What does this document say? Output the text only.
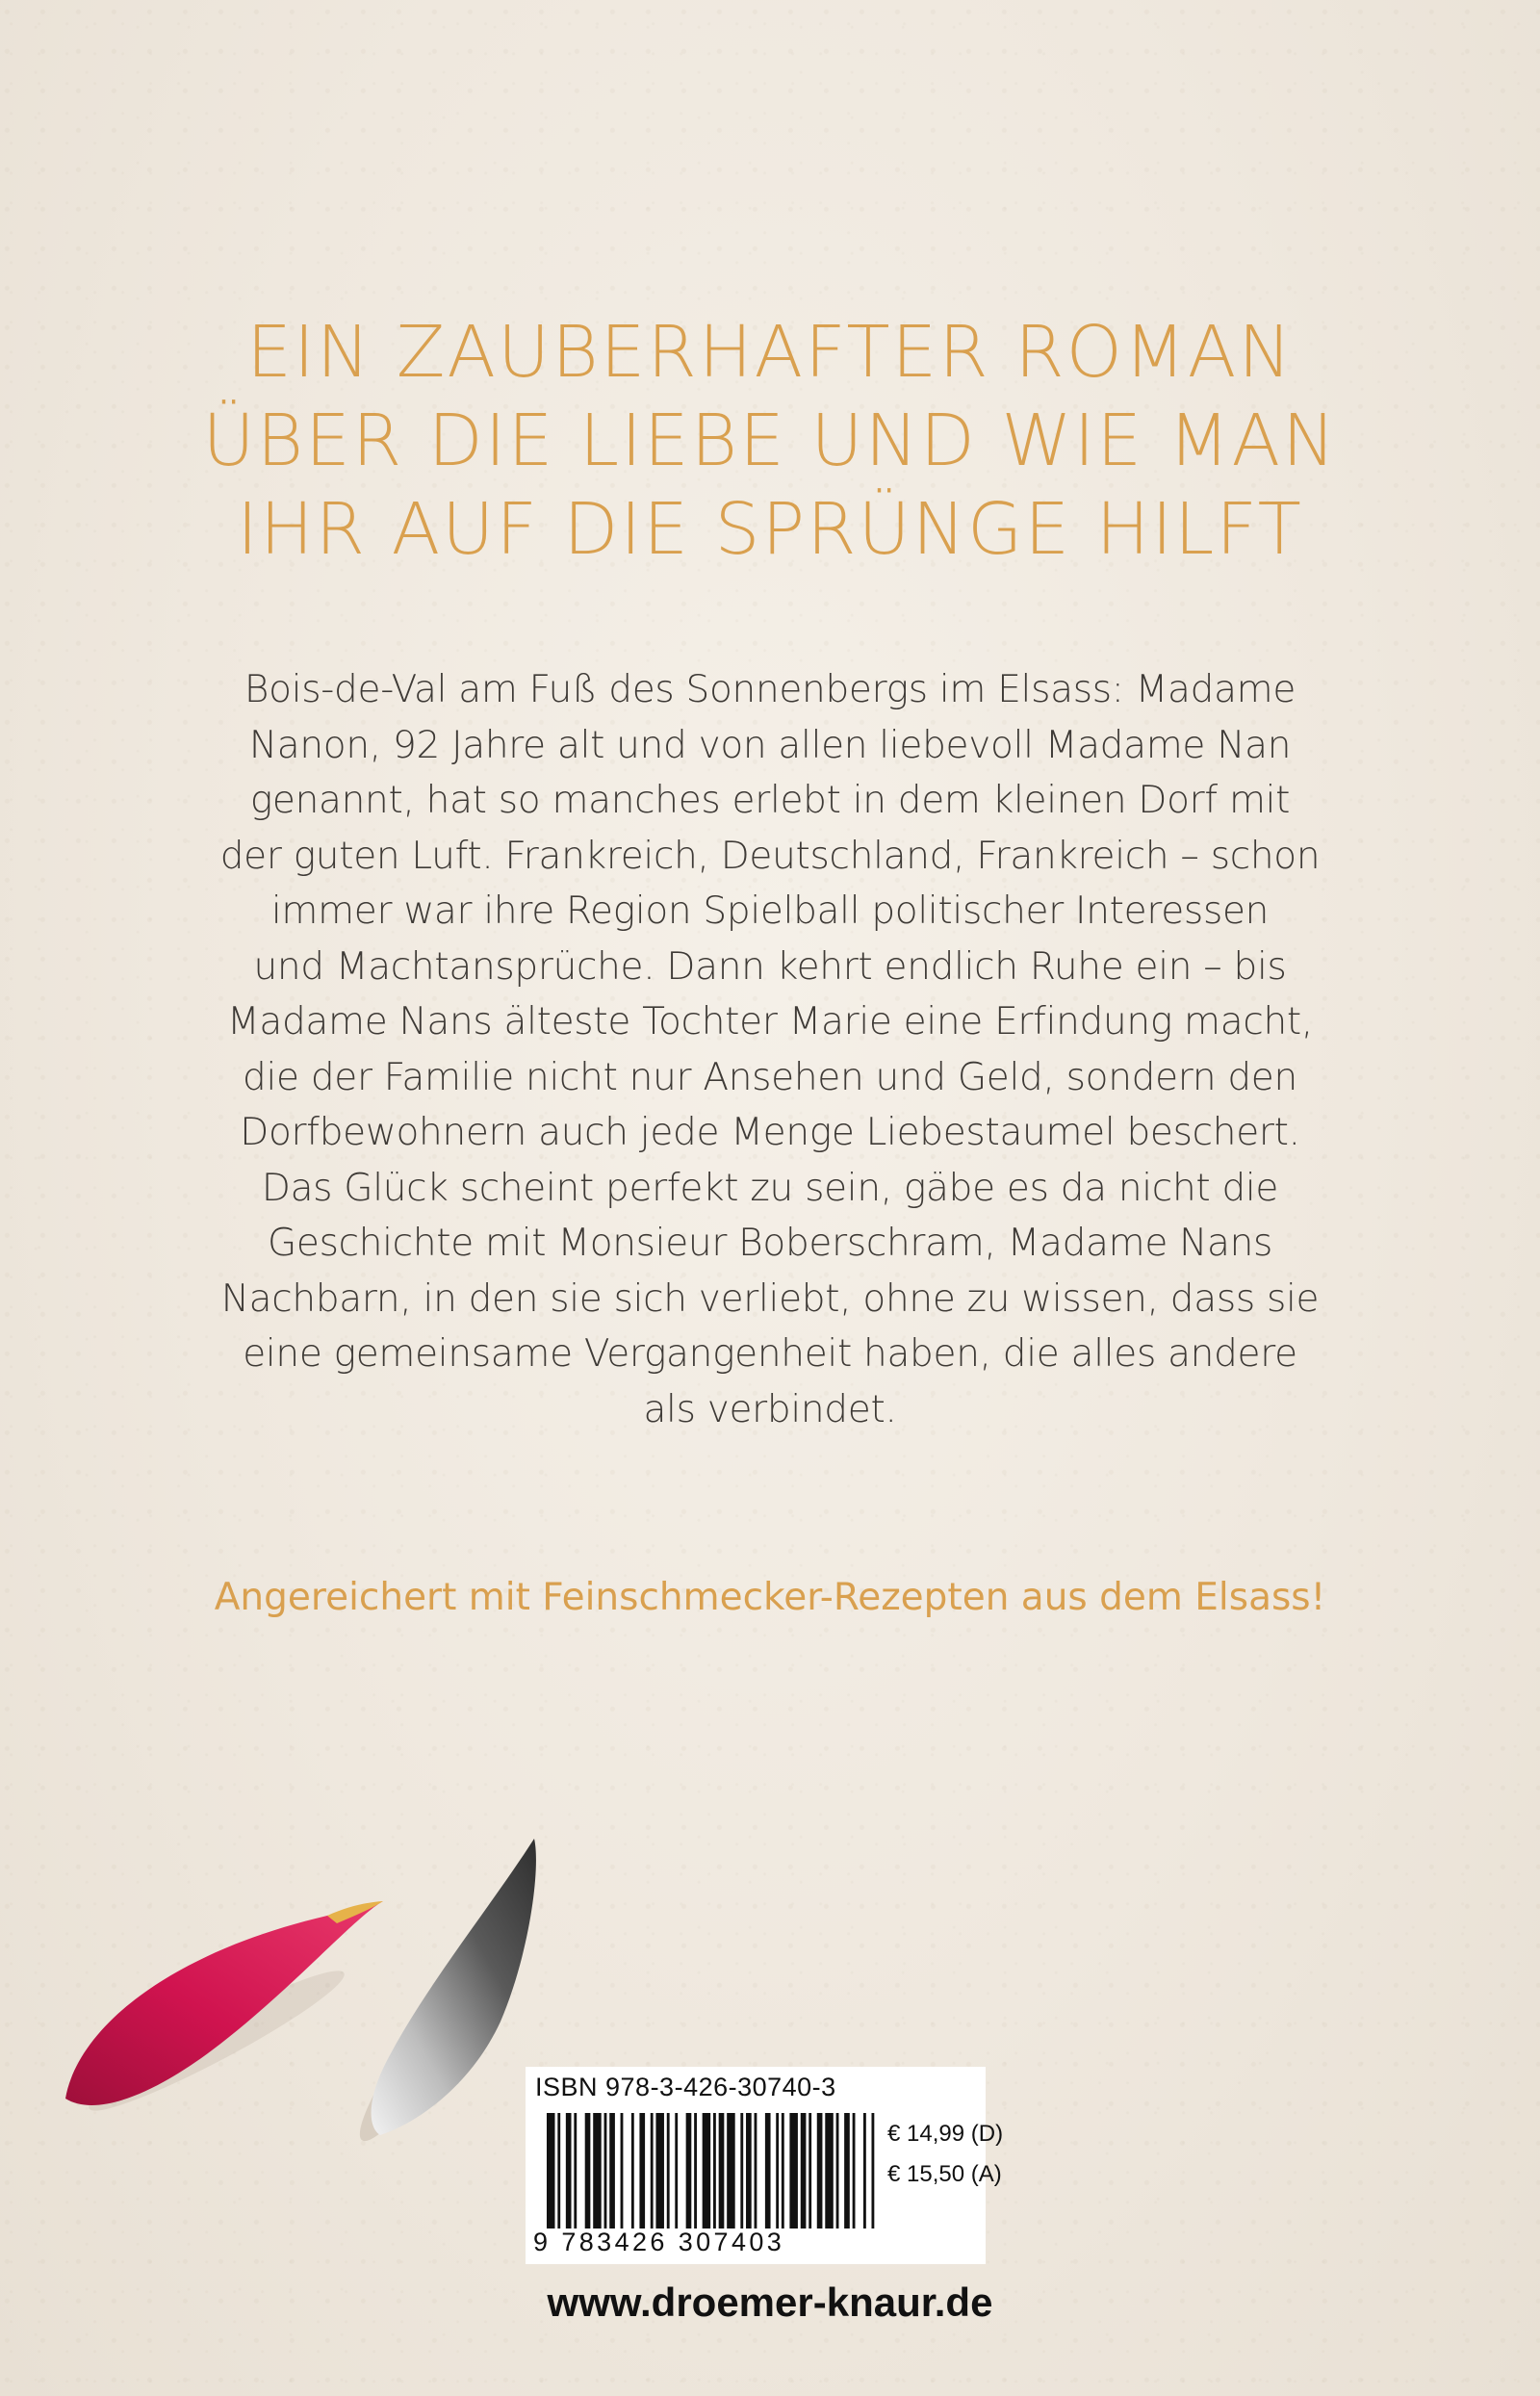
EIN ZAUBERHAFTER ROMAN
ÜBER DIE LIEBE UND WIE MAN
IHR AUF DIE SPRÜNGE HILFT

Bois-de-Val am Fuß des Sonnenbergs im Elsass: Madame
Nanon, 92 Jahre alt und von allen liebevoll Madame Nan
genannt, hat so manches erlebt in dem kleinen Dorf mit
der guten Luft. Frankreich, Deutschland, Frankreich – schon
immer war ihre Region Spielball politischer Interessen
und Machtansprüche. Dann kehrt endlich Ruhe ein – bis
Madame Nans älteste Tochter Marie eine Erfindung macht,
die der Familie nicht nur Ansehen und Geld, sondern den
Dorfbewohnern auch jede Menge Liebestaumel beschert.
Das Glück scheint perfekt zu sein, gäbe es da nicht die
Geschichte mit Monsieur Boberschram, Madame Nans
Nachbarn, in den sie sich verliebt, ohne zu wissen, dass sie
eine gemeinsame Vergangenheit haben, die alles andere
als verbindet.

Angereichert mit Feinschmecker-Rezepten aus dem Elsass!
ISBN 978-3-426-30740-3
9 783426 307403
€ 14,99 (D)
€ 15,50 (A)
www.droemer-knaur.de
